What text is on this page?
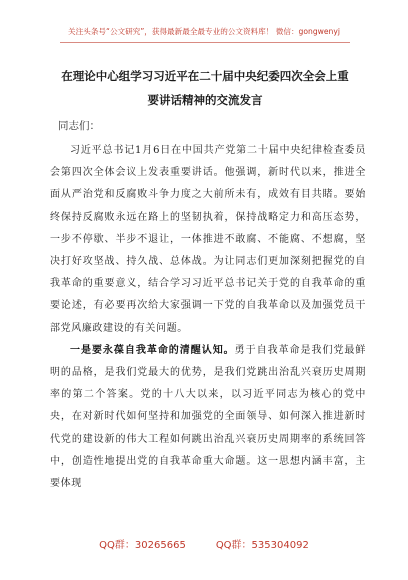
关注头条号“公文研究”，获得最新最全最专业的公文资料库！ 微信：gongwenyj
在理论中心组学习习近平在二十届中央纪委四次全会上重
要讲话精神的交流发言
同志们：

习近平总书记1月6日在中国共产党第二十届中央纪律检查委员会第四次全体会议上发表重要讲话。他强调，新时代以来，推进全面从严治党和反腐败斗争力度之大前所未有，成效有目共睹。要始终保持反腐败永远在路上的坚韧执着，保持战略定力和高压态势，一步不停歇、半步不退让，一体推进不敢腐、不能腐、不想腐，坚决打好攻坚战、持久战、总体战。为让同志们更加深刻把握党的自我革命的重要意义，结合学习习近平总书记关于党的自我革命的重要论述，有必要再次给大家强调一下党的自我革命以及加强党员干部党风廉政建设的有关问题。

一是要永葆自我革命的清醒认知。勇于自我革命是我们党最鲜明的品格，是我们党最大的优势，是我们党跳出治乱兴衰历史周期率的第二个答案。党的十八大以来，以习近平同志为核心的党中央，在对新时代如何坚持和加强党的全面领导、如何深入推进新时代党的建设新的伟大工程如何跳出治乱兴衰历史周期率的系统回答中，创造性地提出党的自我革命重大命题。这一思想内涵丰富，主要体现

QQ群：30265665	QQ群：535304092
